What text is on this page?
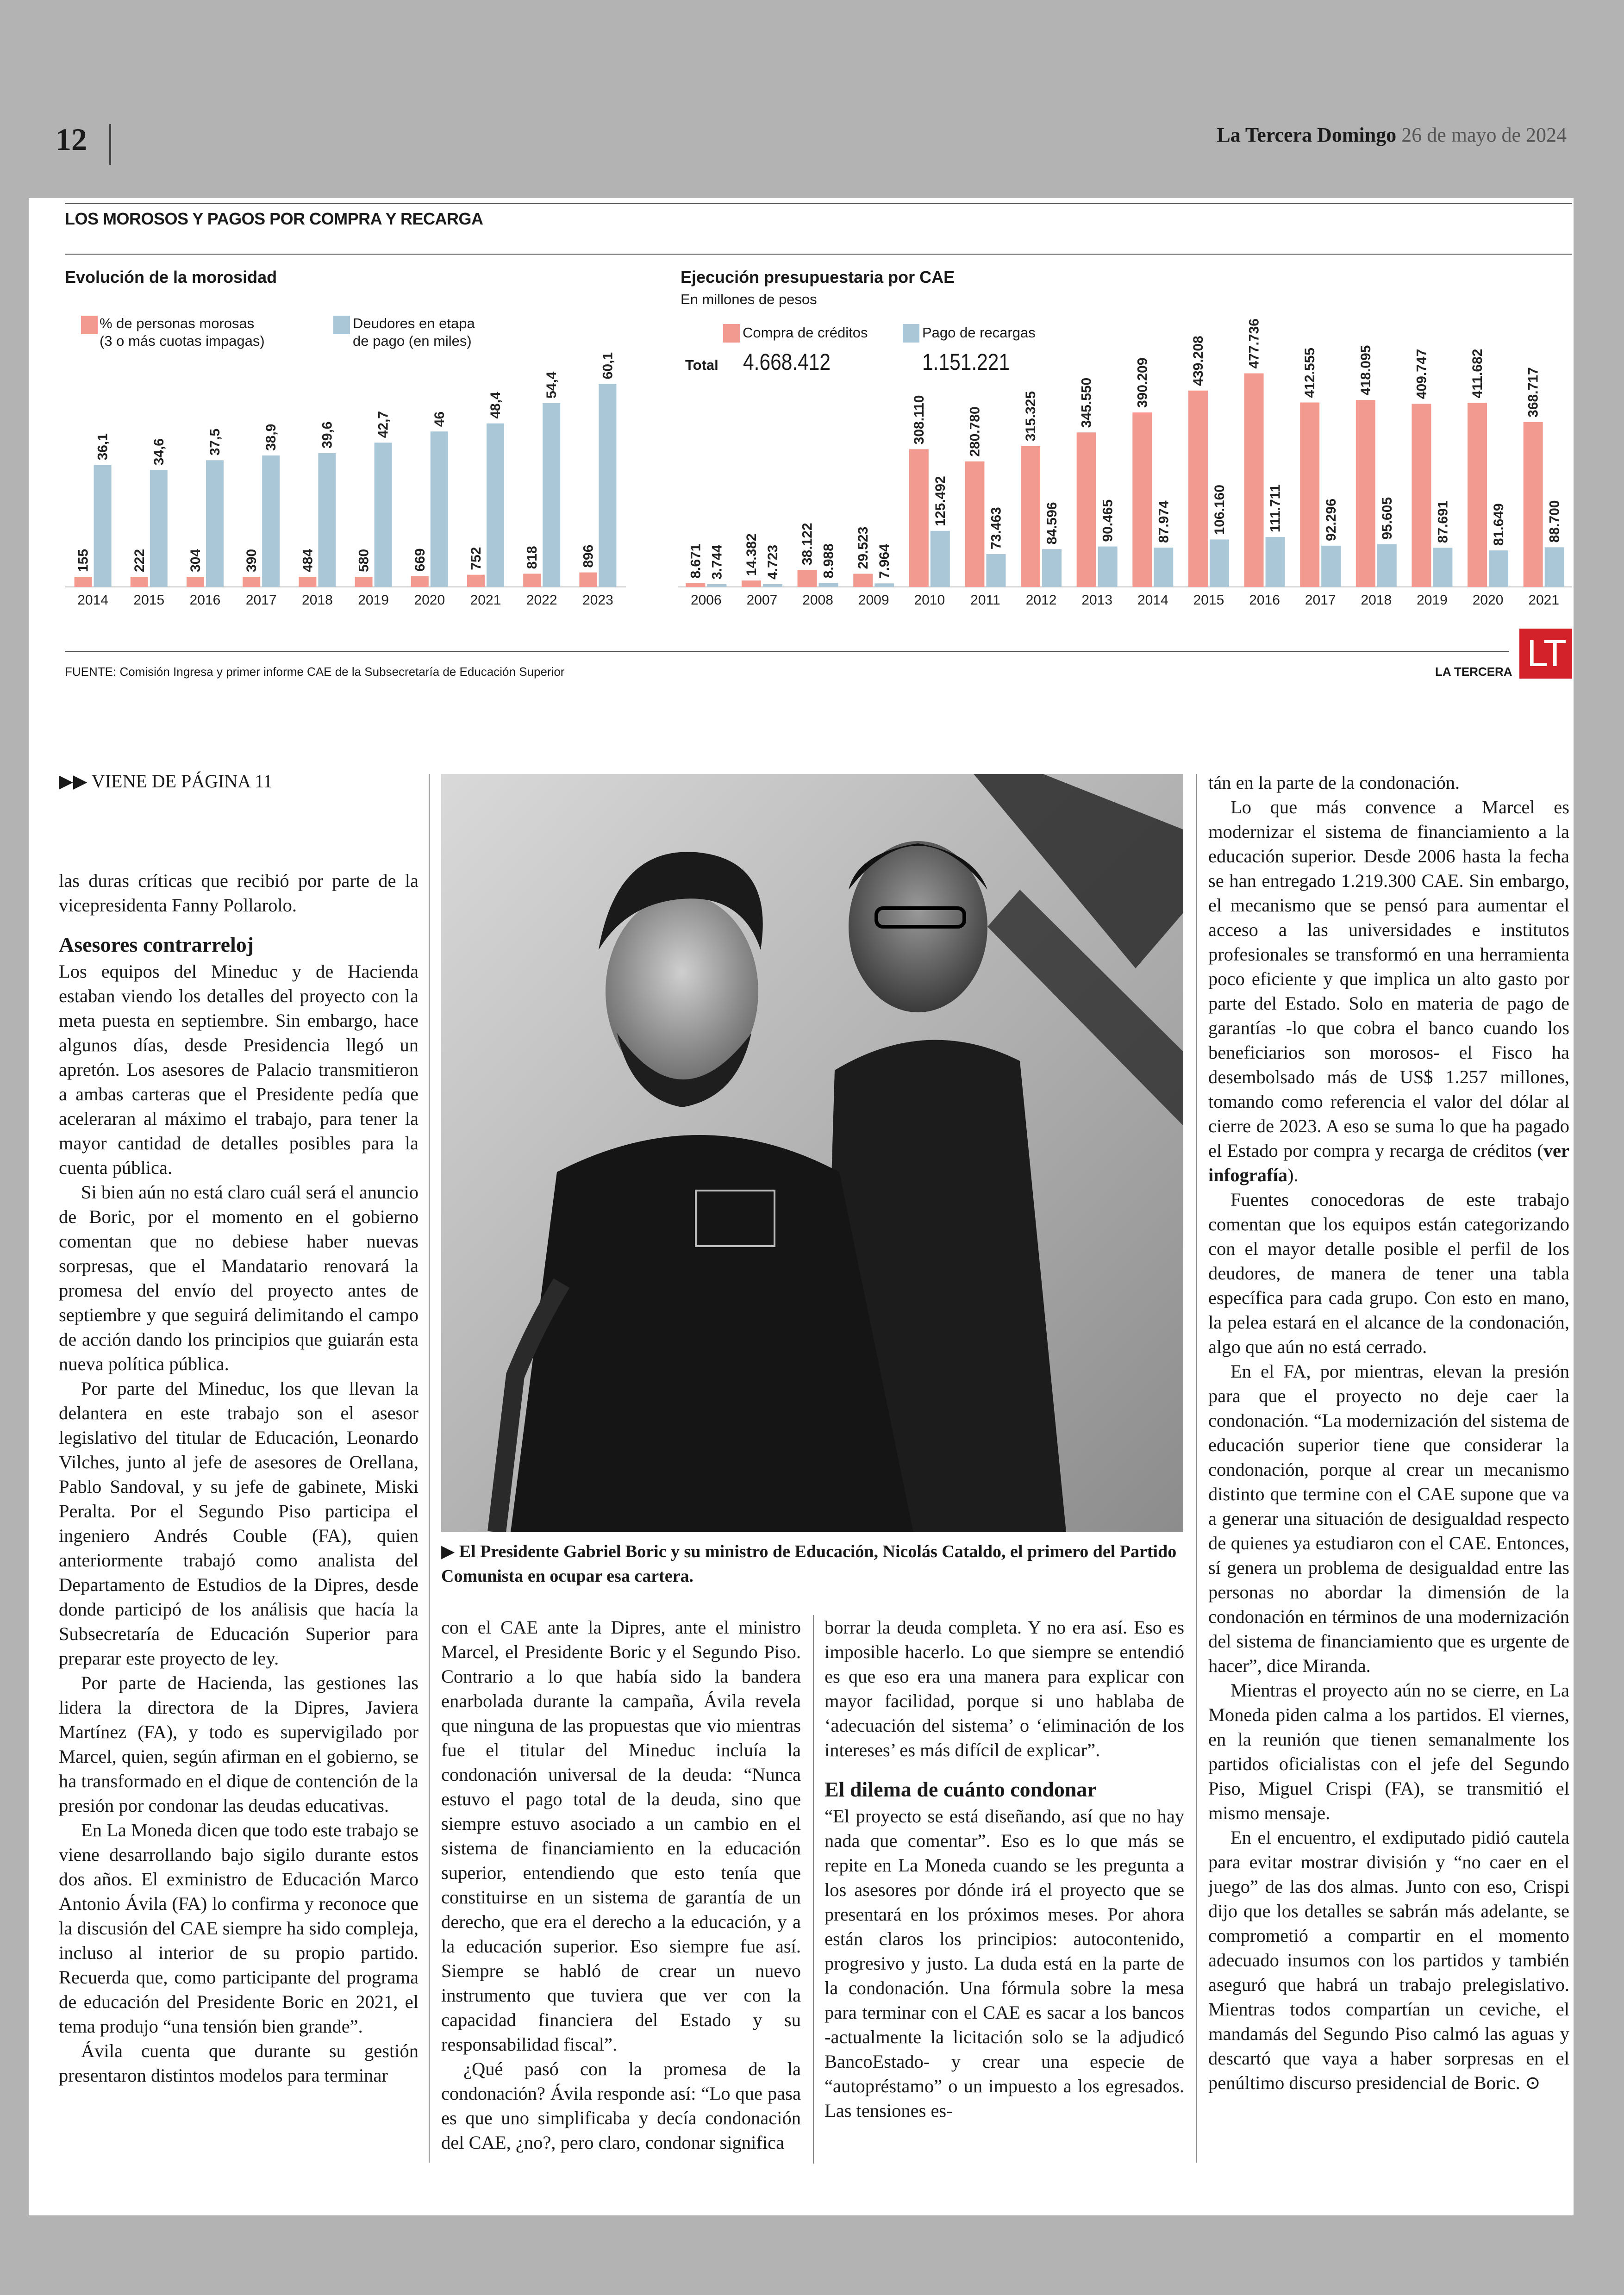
12	La Tercera Domingo 26 de mayo de 2024
LOS MOROSOS Y PAGOS POR COMPRA Y RECARGA
Evolución de la morosidad
% de personas morosas
(3 o más cuotas impagas)
Deudores en etapa
de pago (en miles)
Ejecución presupuestaria por CAE
En millones de pesos
Compra de créditos	Pago de recargas
Total 4.668.412	1.151.221
155
36,1
2014
222
34,6
2015
304
37,5
2016
390
38,9
2017
484
39,6
2018
580
42,7
2019
669
46
2020
752
48,4
2021
818
54,4
2022
896
60,1
2023
8.671 3.744
2006
14.382 4.723
2007
38.122 8.988
2008
29.523 7.964
2009
308.110
125.492
2010
280.780
73.463
2011
315.325
84.596
2012
345.550
90.465
2013
390.209
87.974
2014
439.208
106.160
2015
477.736
111.711
2016
412.555
92.296
2017
418.095
95.605
2018
409.747
87.691
2019
411.682
81.649
2020
368.717
88.700
2021
FUENTE: Comisión Ingresa y primer informe CAE de la Subsecretaría de Educación Superior	LA TERCERA LT
▶▶ VIENE DE PÁGINA 11

las duras críticas que recibió por parte de la vicepresidenta Fanny Pollarolo.

Asesores contrarreloj

Los equipos del Mineduc y de Hacienda estaban viendo los detalles del proyecto con la meta puesta en septiembre. Sin embargo, hace algunos días, desde Presidencia llegó un apretón. Los asesores de Palacio transmitieron a ambas carteras que el Presidente pedía que aceleraran al máximo el trabajo, para tener la mayor cantidad de detalles posibles para la cuenta pública.

Si bien aún no está claro cuál será el anuncio de Boric, por el momento en el gobierno comentan que no debiese haber nuevas sorpresas, que el Mandatario renovará la promesa del envío del proyecto antes de septiembre y que seguirá delimitando el campo de acción dando los principios que guiarán esta nueva política pública.

Por parte del Mineduc, los que llevan la delantera en este trabajo son el asesor legislativo del titular de Educación, Leonardo Vilches, junto al jefe de asesores de Orellana, Pablo Sandoval, y su jefe de gabinete, Miski Peralta. Por el Segundo Piso participa el ingeniero Andrés Couble (FA), quien anteriormente trabajó como analista del Departamento de Estudios de la Dipres, desde donde participó de los análisis que hacía la Subsecretaría de Educación Superior para preparar este proyecto de ley.

Por parte de Hacienda, las gestiones las lidera la directora de la Dipres, Javiera Martínez (FA), y todo es supervigilado por Marcel, quien, según afirman en el gobierno, se ha transformado en el dique de contención de la presión por condonar las deudas educativas.

En La Moneda dicen que todo este trabajo se viene desarrollando bajo sigilo durante estos dos años. El exministro de Educación Marco Antonio Ávila (FA) lo confirma y reconoce que la discusión del CAE siempre ha sido compleja, incluso al interior de su propio partido. Recuerda que, como participante del programa de educación del Presidente Boric en 2021, el tema produjo “una tensión bien grande”.

Ávila cuenta que durante su gestión presentaron distintos modelos para terminar

▶ El Presidente Gabriel Boric y su ministro de Educación, Nicolás Cataldo, el primero del Partido Comunista en ocupar esa cartera.

con el CAE ante la Dipres, ante el ministro Marcel, el Presidente Boric y el Segundo Piso. Contrario a lo que había sido la bandera enarbolada durante la campaña, Ávila revela que ninguna de las propuestas que vio mientras fue el titular del Mineduc incluía la condonación universal de la deuda: “Nunca estuvo el pago total de la deuda, sino que siempre estuvo asociado a un cambio en el sistema de financiamiento en la educación superior, entendiendo que esto tenía que constituirse en un sistema de garantía de un derecho, que era el derecho a la educación, y a la educación superior. Eso siempre fue así. Siempre se habló de crear un nuevo instrumento que tuviera que ver con la capacidad financiera del Estado y su responsabilidad fiscal”.

¿Qué pasó con la promesa de la condonación? Ávila responde así: “Lo que pasa es que uno simplificaba y decía condonación del CAE, ¿no?, pero claro, condonar significa

borrar la deuda completa. Y no era así. Eso es imposible hacerlo. Lo que siempre se entendió es que eso era una manera para explicar con mayor facilidad, porque si uno hablaba de ‘adecuación del sistema’ o ‘eliminación de los intereses’ es más difícil de explicar”.

El dilema de cuánto condonar

“El proyecto se está diseñando, así que no hay nada que comentar”. Eso es lo que más se repite en La Moneda cuando se les pregunta a los asesores por dónde irá el proyecto que se presentará en los próximos meses. Por ahora están claros los principios: autocontenido, progresivo y justo. La duda está en la parte de la condonación. Una fórmula sobre la mesa para terminar con el CAE es sacar a los bancos -actualmente la licitación solo se la adjudicó BancoEstado- y crear una especie de “autopréstamo” o un impuesto a los egresados. Las tensiones es-

tán en la parte de la condonación.

Lo que más convence a Marcel es modernizar el sistema de financiamiento a la educación superior. Desde 2006 hasta la fecha se han entregado 1.219.300 CAE. Sin embargo, el mecanismo que se pensó para aumentar el acceso a las universidades e institutos profesionales se transformó en una herramienta poco eficiente y que implica un alto gasto por parte del Estado. Solo en materia de pago de garantías -lo que cobra el banco cuando los beneficiarios son morosos- el Fisco ha desembolsado más de US$ 1.257 millones, tomando como referencia el valor del dólar al cierre de 2023. A eso se suma lo que ha pagado el Estado por compra y recarga de créditos (ver infografía).

Fuentes conocedoras de este trabajo comentan que los equipos están categorizando con el mayor detalle posible el perfil de los deudores, de manera de tener una tabla específica para cada grupo. Con esto en mano, la pelea estará en el alcance de la condonación, algo que aún no está cerrado.

En el FA, por mientras, elevan la presión para que el proyecto no deje caer la condonación. “La modernización del sistema de educación superior tiene que considerar la condonación, porque al crear un mecanismo distinto que termine con el CAE supone que va a generar una situación de desigualdad respecto de quienes ya estudiaron con el CAE. Entonces, sí genera un problema de desigualdad entre las personas no abordar la dimensión de la condonación en términos de una modernización del sistema de financiamiento que es urgente de hacer”, dice Miranda.

Mientras el proyecto aún no se cierre, en La Moneda piden calma a los partidos. El viernes, en la reunión que tienen semanalmente los partidos oficialistas con el jefe del Segundo Piso, Miguel Crispi (FA), se transmitió el mismo mensaje.

En el encuentro, el exdiputado pidió cautela para evitar mostrar división y “no caer en el juego” de las dos almas. Junto con eso, Crispi dijo que los detalles se sabrán más adelante, se comprometió a compartir en el momento adecuado insumos con los partidos y también aseguró que habrá un trabajo prelegislativo. Mientras todos compartían un ceviche, el mandamás del Segundo Piso calmó las aguas y descartó que vaya a haber sorpresas en el penúltimo discurso presidencial de Boric. ⊙
